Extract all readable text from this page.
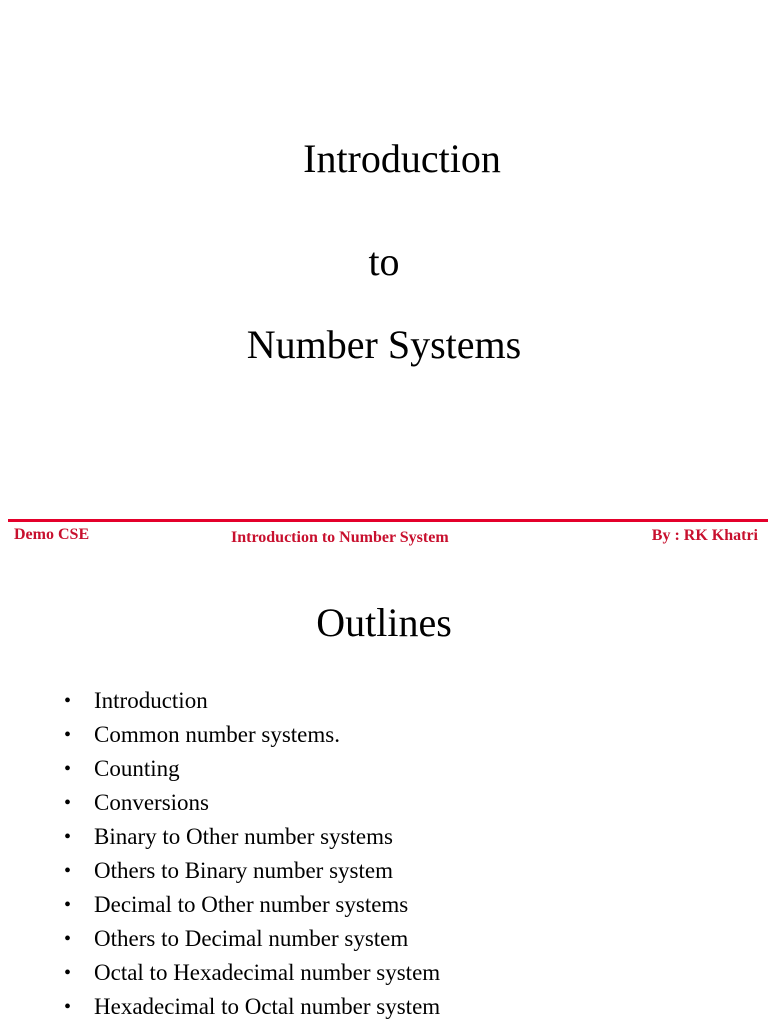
Introduction
to
Number Systems
Demo CSE	Introduction to Number System	By : RK Khatri
Outlines
• Introduction
• Common number systems.
• Counting
• Conversions
• Binary to Other number systems
• Others to Binary number system
• Decimal to Other number systems
• Others to Decimal number system
• Octal to Hexadecimal number system
• Hexadecimal to Octal number system
